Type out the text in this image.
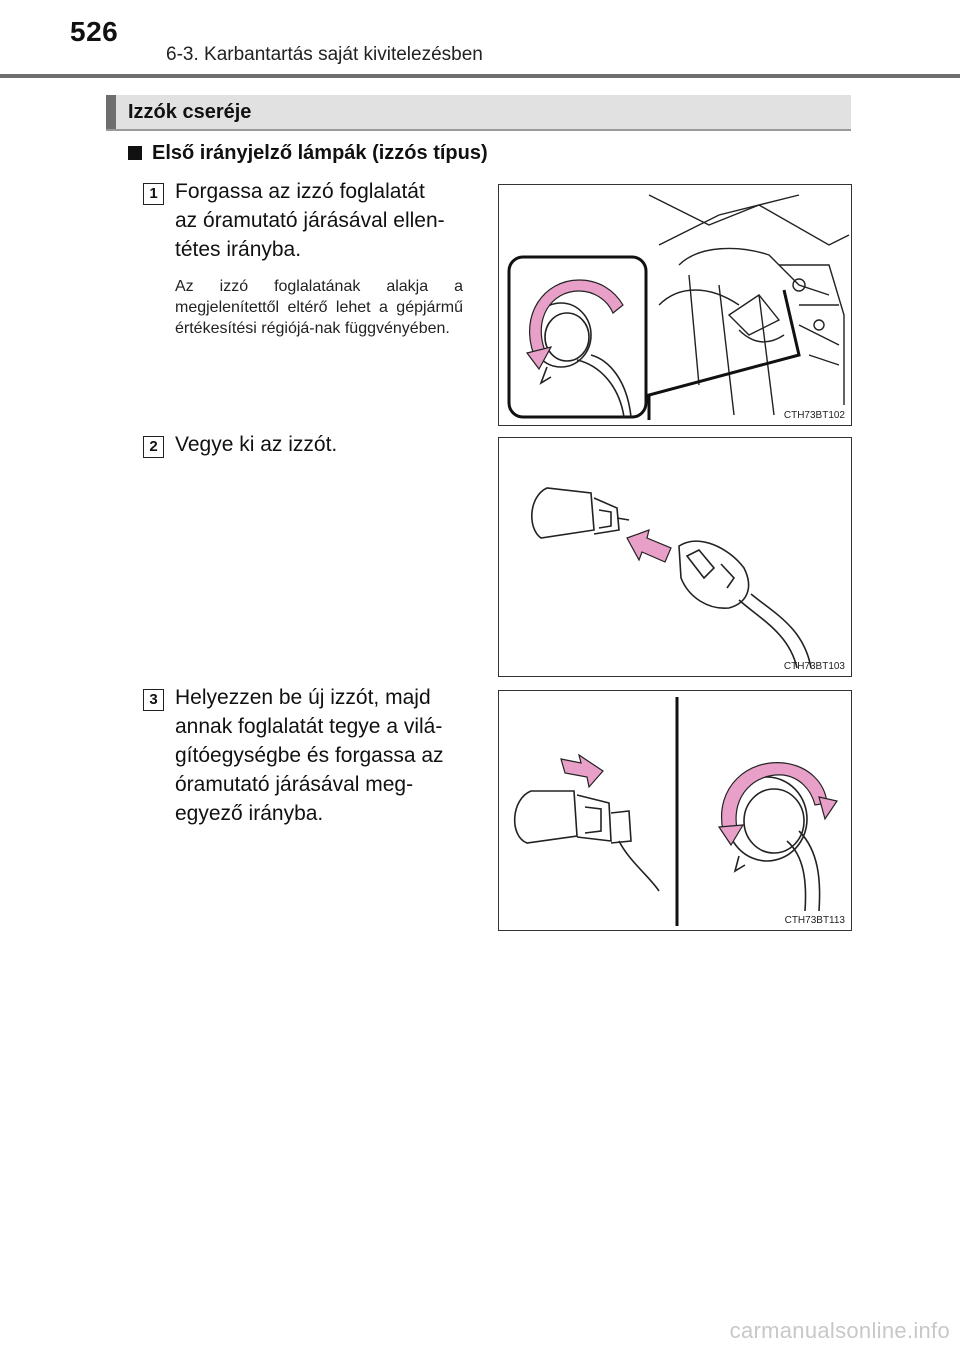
526
6-3. Karbantartás saját kivitelezésben
Izzók cseréje
Első irányjelző lámpák (izzós típus)
1 Forgassa az izzó foglalatát
az óramutató járásával ellen-
tétes irányba.
Az izzó foglalatának alakja a megjelenítettől eltérő lehet a gépjármű értékesítési régiójá-nak függvényében.
CTH73BT102
2 Vegye ki az izzót.
CTH73BT103
3 Helyezzen be új izzót, majd
annak foglalatát tegye a vilá-
gítóegységbe és forgassa az
óramutató járásával meg-
egyező irányba.
CTH73BT113
carmanualsonline.info
